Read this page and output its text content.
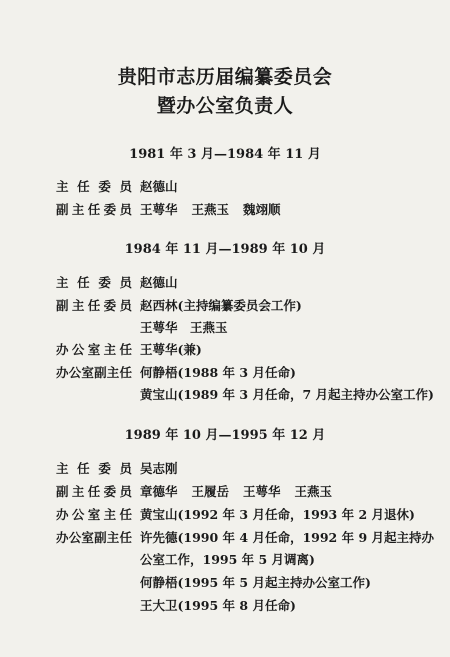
贵阳市志历届编纂委员会
暨办公室负责人
1981 年 3 月—1984 年 11 月
主 任 委 员 赵德山
副 主 任 委 员 王萼华 王燕玉 魏翊顺
1984 年 11 月—1989 年 10 月
主 任 委 员 赵德山
副 主 任 委 员 赵西林(主持编纂委员会工作)
王萼华　王燕玉
办 公 室 主 任 王萼华(兼)
办 公 室 副 主 任 何静梧(1988 年 3 月任命)
黄宝山(1989 年 3 月任命，7 月起主持办公室工作)
1989 年 10 月—1995 年 12 月
主 任 委 员 吴志刚
副 主 任 委 员 章德华 王履岳 王萼华 王燕玉
办 公 室 主 任 黄宝山(1992 年 3 月任命，1993 年 2 月退休)
办 公 室 副 主 任 许先德(1990 年 4 月任命，1992 年 9 月起主持办
公室工作，1995 年 5 月调离)
何静梧(1995 年 5 月起主持办公室工作)
王大卫(1995 年 8 月任命)
